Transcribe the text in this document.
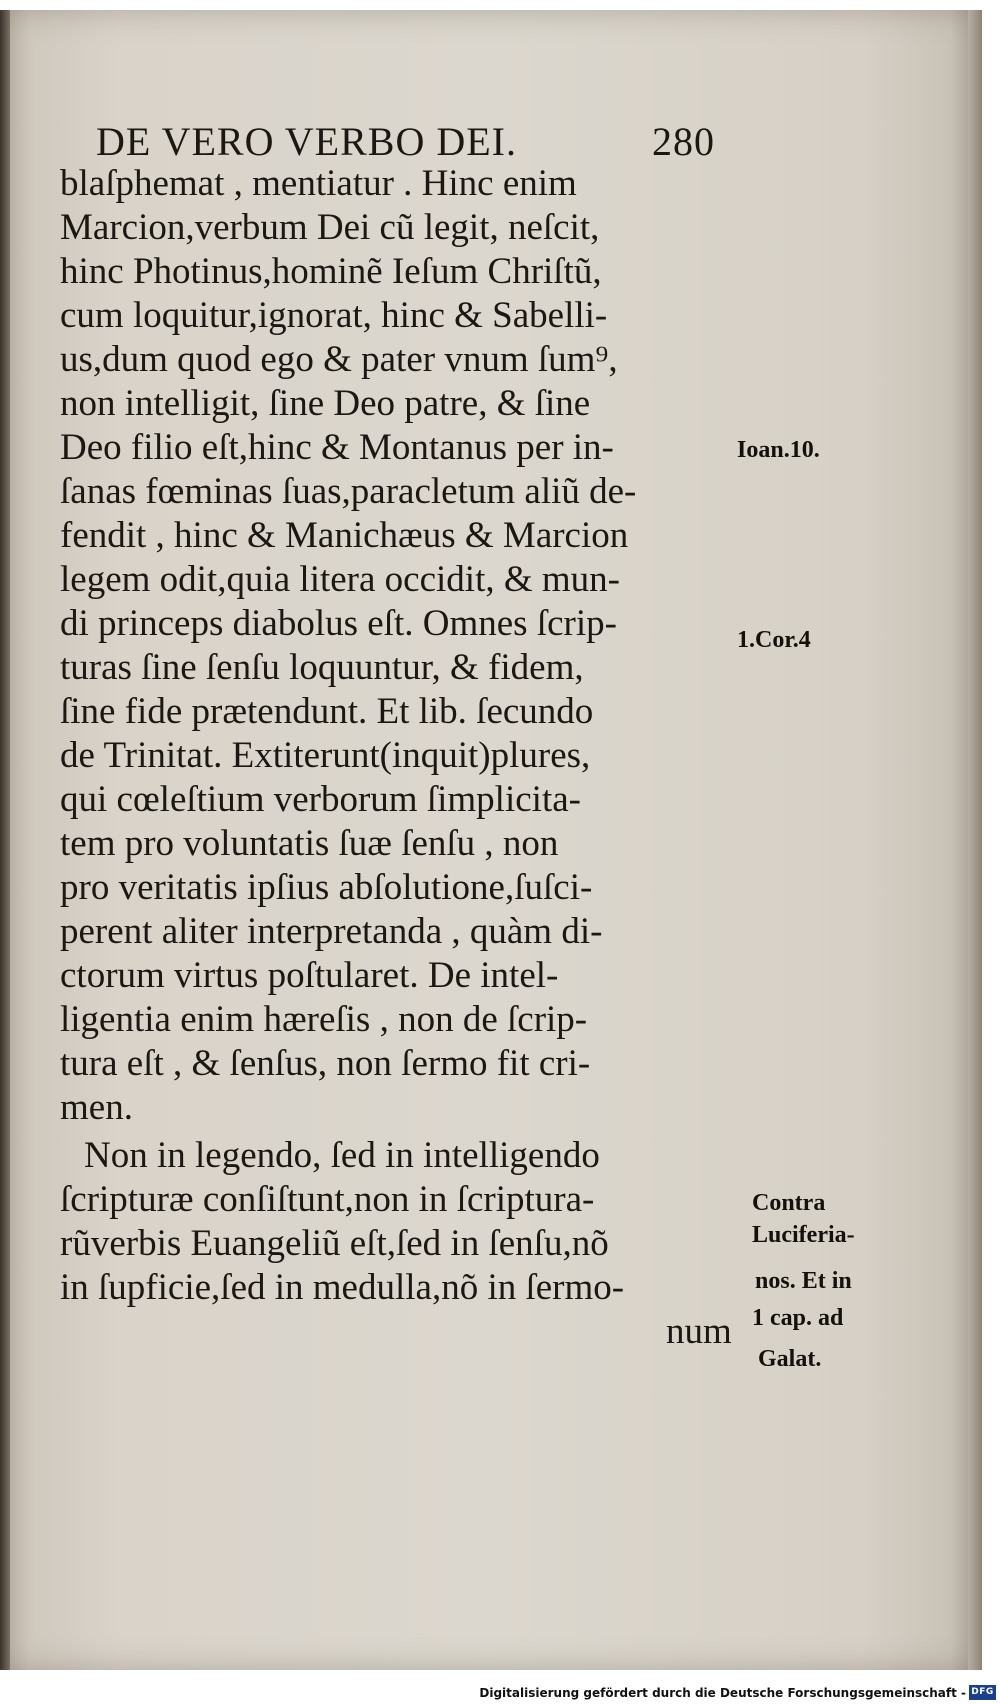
DE VERO VERBO DEI.	280
blaſphemat , mentiatur . Hinc enim
Marcion,verbum Dei cũ legit, neſcit,
hinc Photinus,hominẽ Ieſum Chriſtũ,
cum loquitur,ignorat, hinc & Sabelli-
us,dum quod ego & pater vnum ſum⁹,
non intelligit, ſine Deo patre, & ſine
Deo filio eſt,hinc & Montanus per in-
ſanas fœminas ſuas,paracletum aliũ de-
fendit , hinc & Manichæus & Marcion
legem odit,quia litera occidit, & mun-
di princeps diabolus eſt. Omnes ſcrip-
turas ſine ſenſu loquuntur, & fidem,
ſine fide prætendunt. Et lib. ſecundo
de Trinitat. Extiterunt(inquit)plures,
qui cœleſtium verborum ſimplicita-
tem pro voluntatis ſuæ ſenſu , non
pro veritatis ipſius abſolutione,ſuſci-
perent aliter interpretanda , quàm di-
ctorum virtus poſtularet. De intel-
ligentia enim hæreſis , non de ſcrip-
tura eſt , & ſenſus, non ſermo fit cri-
men.
Non in legendo, ſed in intelligendo
ſcripturæ conſiſtunt,non in ſcriptura-
rũverbis Euangeliũ eſt,ſed in ſenſu,nõ
in ſupficie,ſed in medulla,nõ in ſermo-
num
Ioan.10.
1.Cor.4
Contra
Luciferia-
nos. Et in
1 cap. ad
Galat.
Digitalisierung gefördert durch die Deutsche Forschungsgemeinschaft - DFG
